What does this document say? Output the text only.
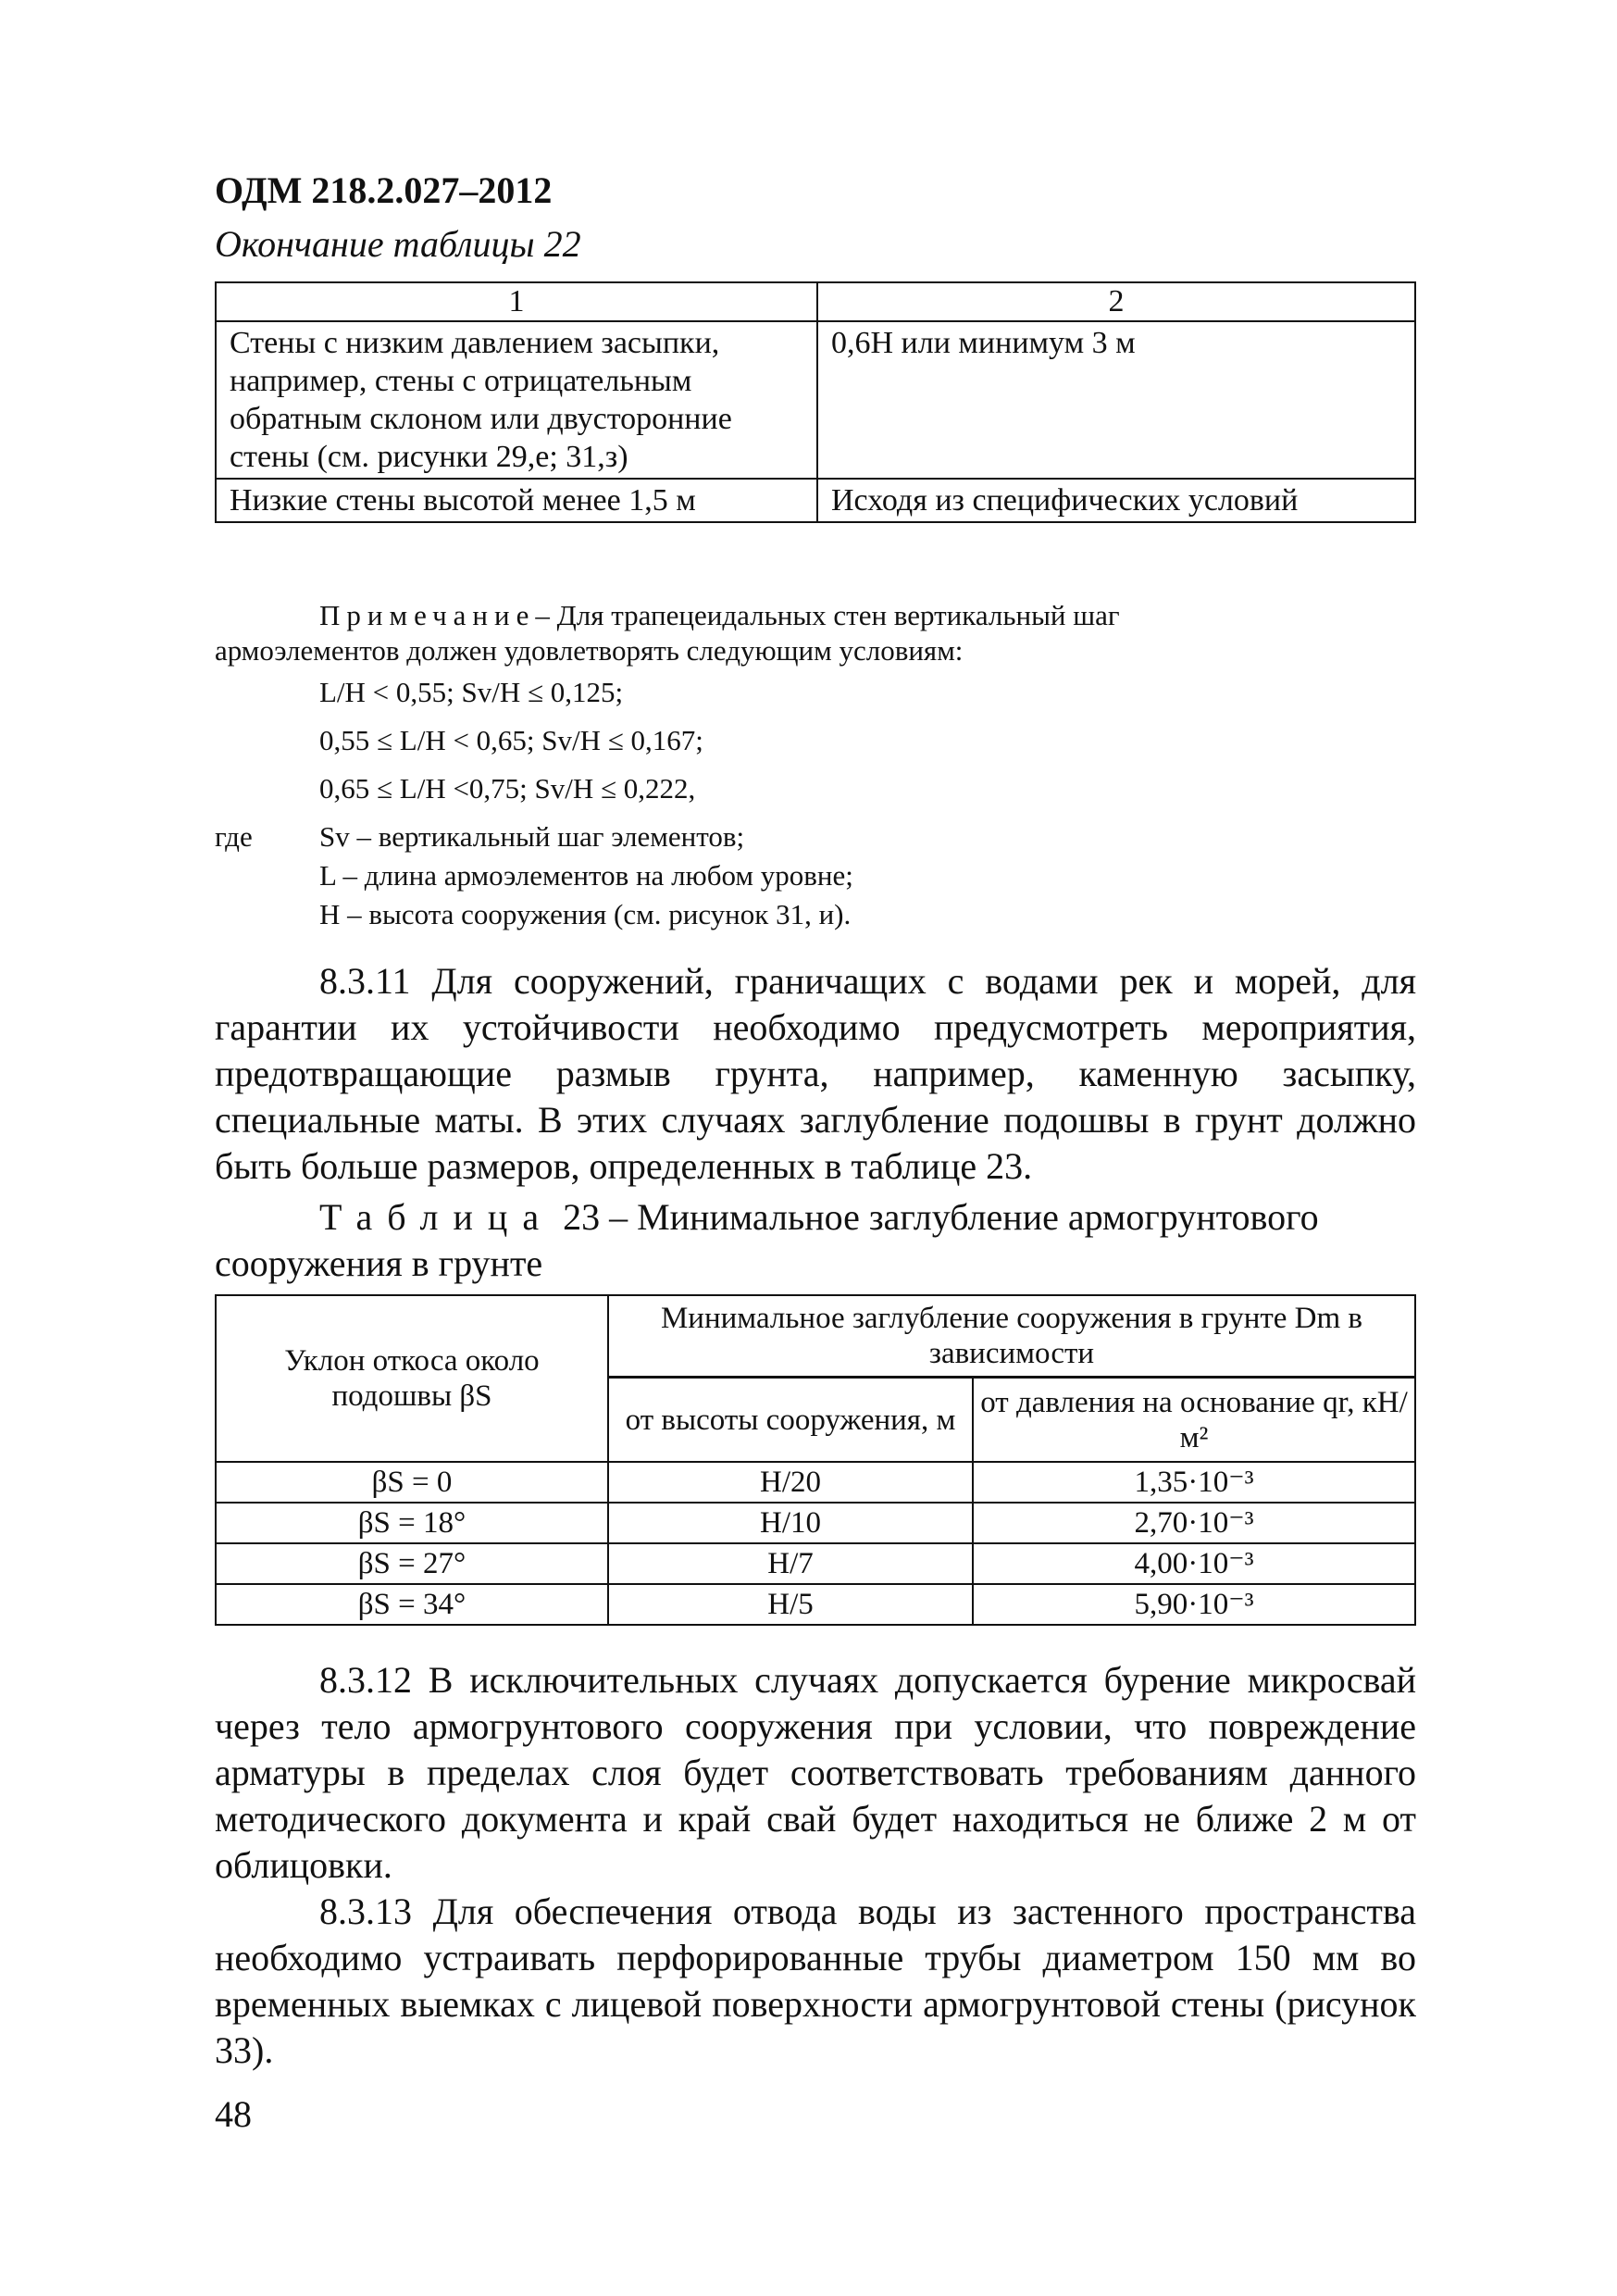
ОДМ 218.2.027–2012
Окончание таблицы 22
1	2
Стены с низким давлением засыпки, например, стены с отрицательным обратным склоном или двусторонние стены (см. рисунки 29,е; 31,з)	0,6Н или минимум 3 м
Низкие стены высотой менее 1,5 м	Исходя из специфических условий
Примечание– Для трапецеидальных стен вертикальный шаг
армоэлементов должен удовлетворять следующим условиям:
L/H < 0,55; Sv/H ≤ 0,125;
0,55 ≤ L/H < 0,65; Sv/H ≤ 0,167;
0,65 ≤ L/H <0,75; Sv/H ≤ 0,222,
где Sv – вертикальный шаг элементов;
L – длина армоэлементов на любом уровне;
H – высота сооружения (см. рисунок 31, и).

8.3.11 Для сооружений, граничащих с водами рек и морей, для гарантии их устойчивости необходимо предусмотреть мероприятия, предотвращающие размыв грунта, например, каменную засыпку, специальные маты. В этих случаях заглубление подошвы в грунт должно быть больше размеров, определенных в таблице 23.

Таблица 23 – Минимальное заглубление армогрунтового сооружения в грунте
Уклон откоса около подошвы βS	Минимальное заглубление сооружения в грунте Dm в зависимости	
	от высоты сооружения, м	от давления на основание qr, кН/ м²
βS = 0	H/20	1,35·10⁻³
βS = 18°	H/10	2,70·10⁻³
βS = 27°	H/7	4,00·10⁻³
βS = 34°	H/5	5,90·10⁻³

8.3.12 В исключительных случаях допускается бурение микросвай через тело армогрунтового сооружения при условии, что повреждение арматуры в пределах слоя будет соответствовать требованиям данного методического документа и край свай будет находиться не ближе 2 м от облицовки.

8.3.13 Для обеспечения отвода воды из застенного пространства необходимо устраивать перфорированные трубы диаметром 150 мм во временных выемках с лицевой поверхности армогрунтовой стены (рисунок 33).

48
